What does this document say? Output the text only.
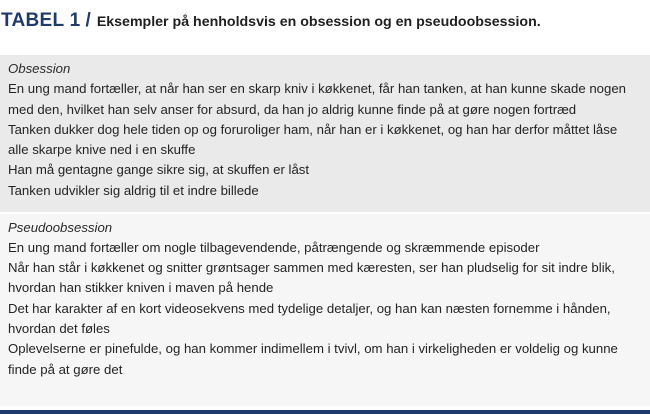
TABEL 1 / Eksempler på henholdsvis en obsession og en pseudoobsession.
Obsession
En ung mand fortæller, at når han ser en skarp kniv i køkkenet, får han tanken, at han kunne skade nogen
med den, hvilket han selv anser for absurd, da han jo aldrig kunne finde på at gøre nogen fortræd
Tanken dukker dog hele tiden op og foruroliger ham, når han er i køkkenet, og han har derfor måttet låse
alle skarpe knive ned i en skuffe
Han må gentagne gange sikre sig, at skuffen er låst
Tanken udvikler sig aldrig til et indre billede
Pseudoobsession
En ung mand fortæller om nogle tilbagevendende, påtrængende og skræmmende episoder
Når han står i køkkenet og snitter grøntsager sammen med kæresten, ser han pludselig for sit indre blik,
hvordan han stikker kniven i maven på hende
Det har karakter af en kort videosekvens med tydelige detaljer, og han kan næsten fornemme i hånden,
hvordan det føles
Oplevelserne er pinefulde, og han kommer indimellem i tvivl, om han i virkeligheden er voldelig og kunne
finde på at gøre det
